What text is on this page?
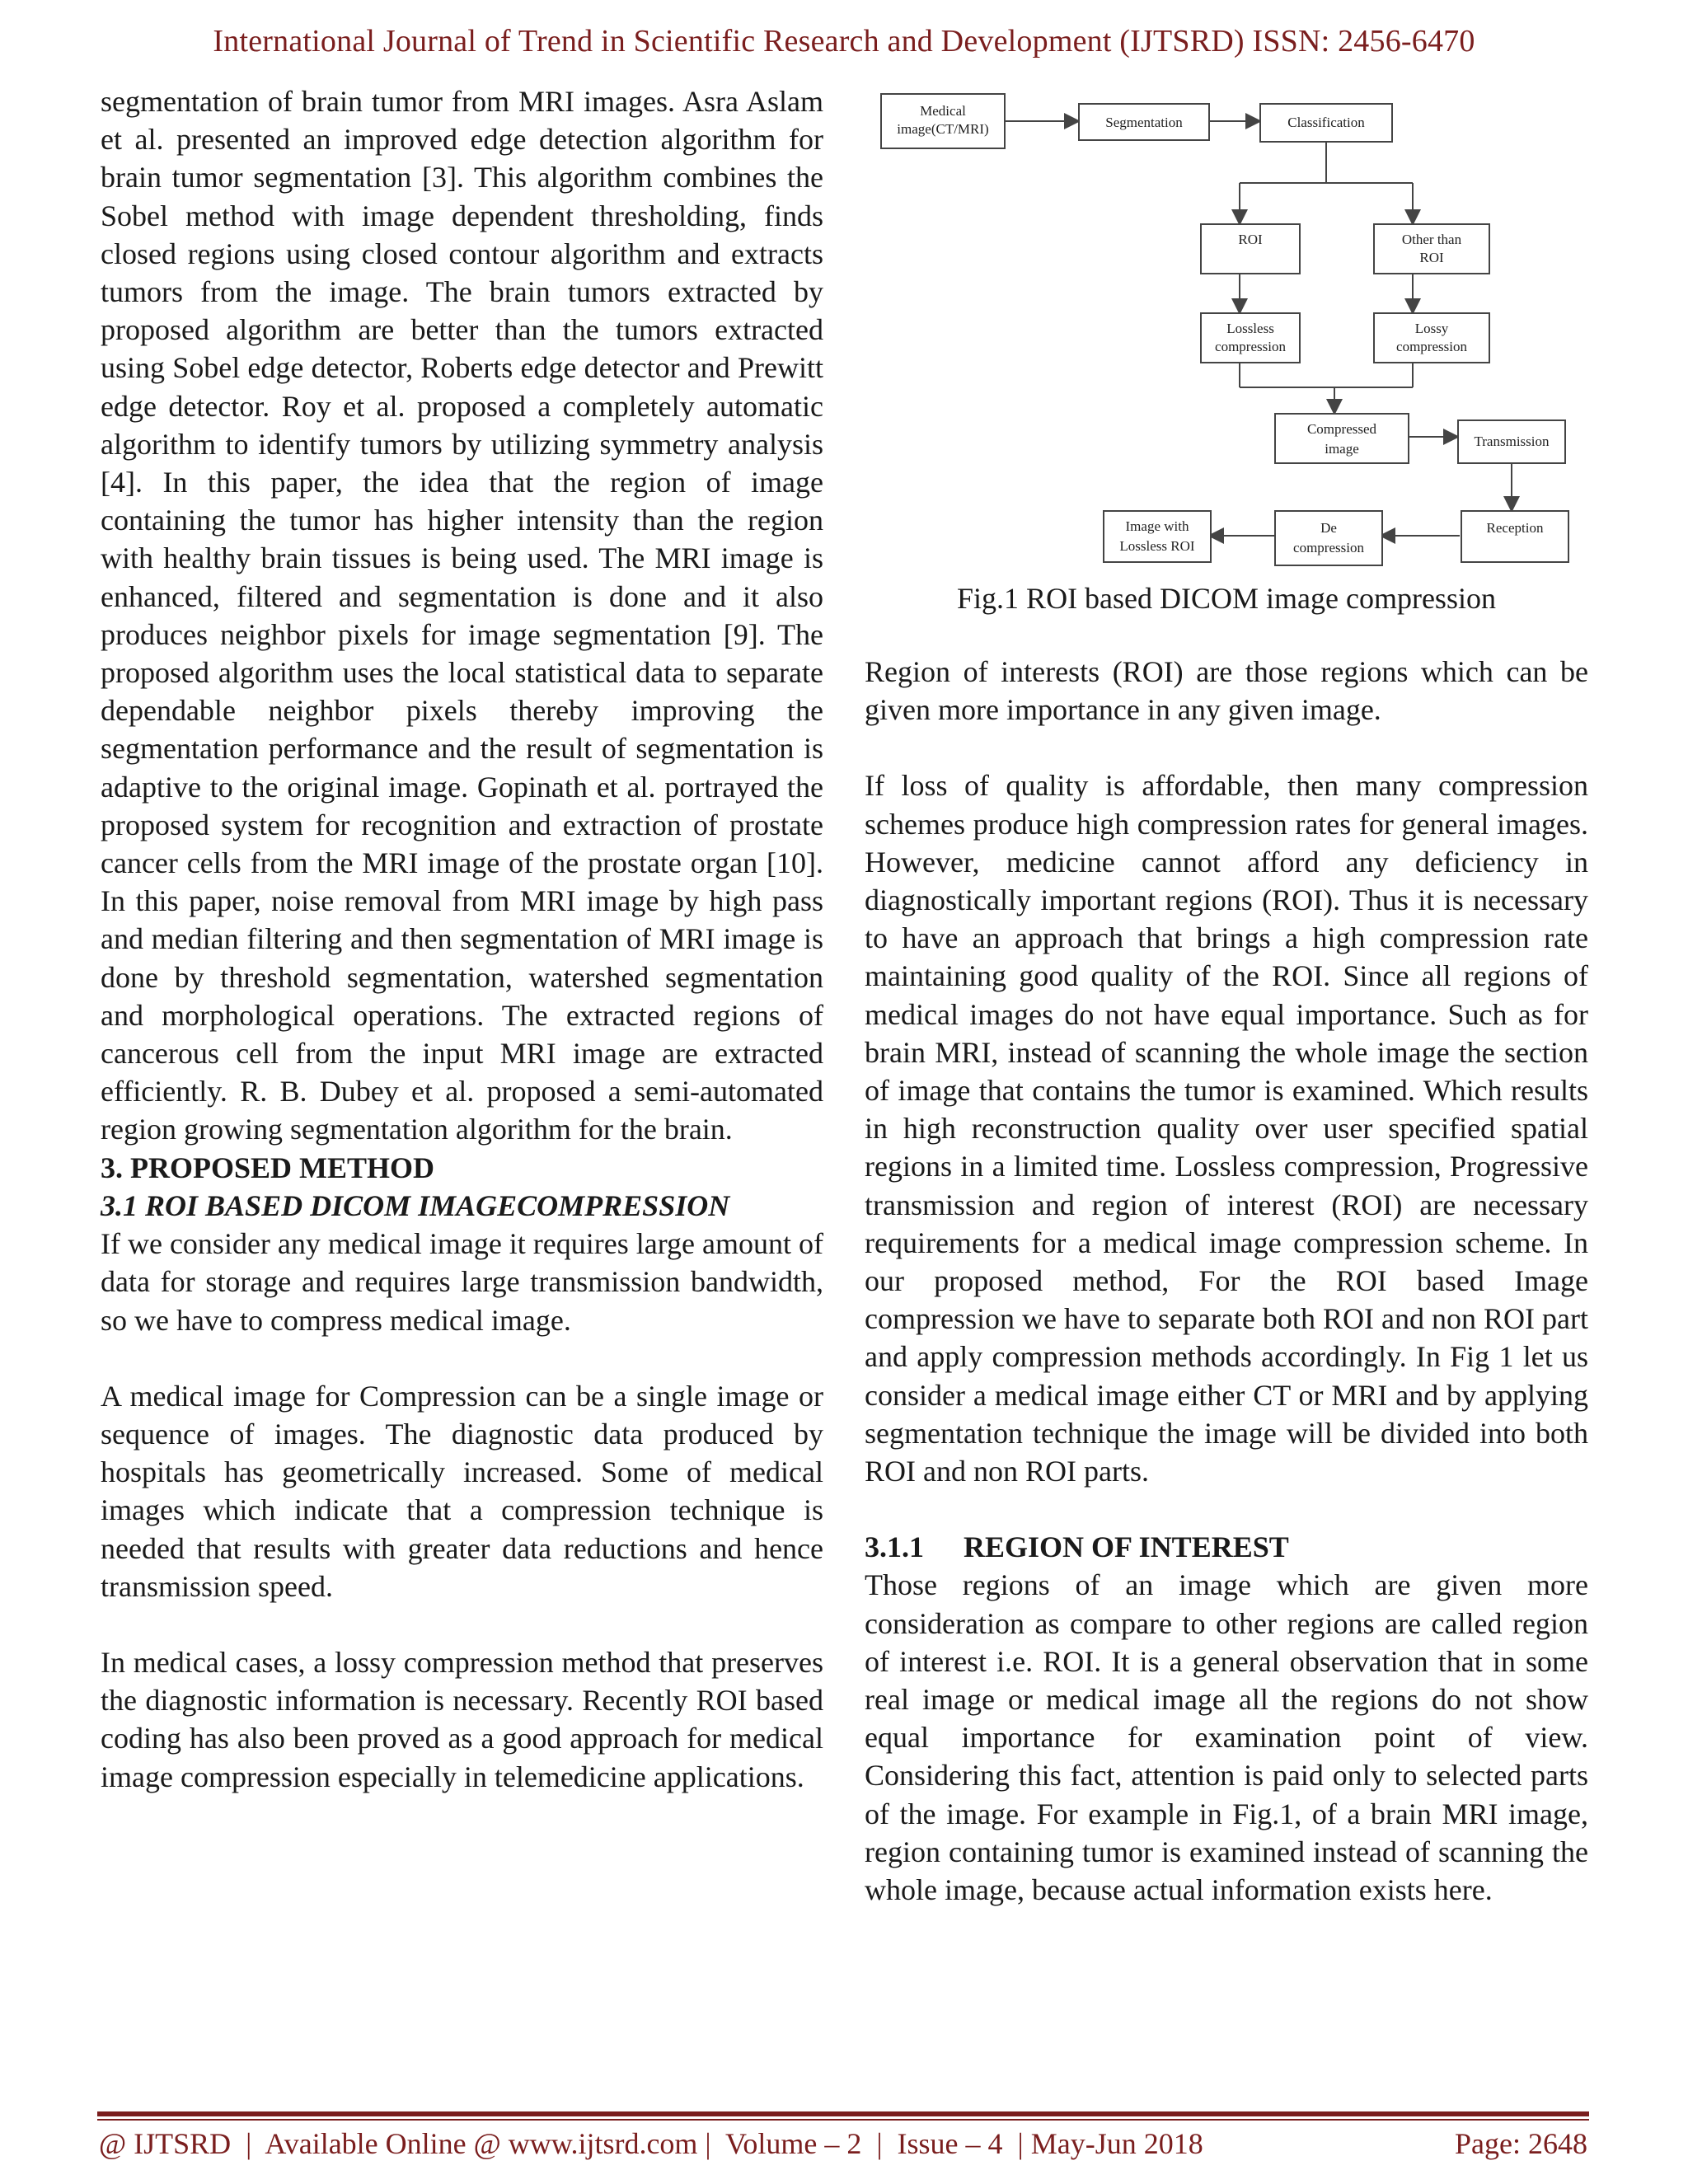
International Journal of Trend in Scientific Research and Development (IJTSRD) ISSN: 2456-6470

segmentation of brain tumor from MRI images. Asra Aslam et al. presented an improved edge detection algorithm for brain tumor segmentation [3]. This algorithm combines the Sobel method with image dependent thresholding, finds closed regions using closed contour algorithm and extracts tumors from the image. The brain tumors extracted by proposed algorithm are better than the tumors extracted using Sobel edge detector, Roberts edge detector and Prewitt edge detector. Roy et al. proposed a completely automatic algorithm to identify tumors by utilizing symmetry analysis [4]. In this paper, the idea that the region of image containing the tumor has higher intensity than the region with healthy brain tissues is being used. The MRI image is enhanced, filtered and segmentation is done and it also produces neighbor pixels for image segmentation [9]. The proposed algorithm uses the local statistical data to separate dependable neighbor pixels thereby improving the segmentation performance and the result of segmentation is adaptive to the original image. Gopinath et al. portrayed the proposed system for recognition and extraction of prostate cancer cells from the MRI image of the prostate organ [10]. In this paper, noise removal from MRI image by high pass and median filtering and then segmentation of MRI image is done by threshold segmentation, watershed segmentation and morphological operations. The extracted regions of cancerous cell from the input MRI image are extracted efficiently. R. B. Dubey et al. proposed a semi-automated region growing segmentation algorithm for the brain.

3. PROPOSED METHOD

3.1 ROI BASED DICOM IMAGECOMPRESSION

If we consider any medical image it requires large amount of data for storage and requires large transmission bandwidth, so we have to compress medical image.

A medical image for Compression can be a single image or sequence of images. The diagnostic data produced by hospitals has geometrically increased. Some of medical images which indicate that a compression technique is needed that results with greater data reductions and hence transmission speed.

In medical cases, a lossy compression method that preserves the diagnostic information is necessary. Recently ROI based coding has also been proved as a good approach for medical image compression especially in telemedicine applications.

Medical
image(CT/MRI)	Segmentation	Classification
ROI	Other than
ROI
Lossless
compression
Lossy
compression
Compressed
image	Transmission
Reception
De
compression
Image with
Lossless ROI
Fig.1 ROI based DICOM image compression

Region of interests (ROI) are those regions which can be given more importance in any given image.

If loss of quality is affordable, then many compression schemes produce high compression rates for general images. However, medicine cannot afford any deficiency in diagnostically important regions (ROI). Thus it is necessary to have an approach that brings a high compression rate maintaining good quality of the ROI. Since all regions of medical images do not have equal importance. Such as for brain MRI, instead of scanning the whole image the section of image that contains the tumor is examined. Which results in high reconstruction quality over user specified spatial regions in a limited time. Lossless compression, Progressive transmission and region of interest (ROI) are necessary requirements for a medical image compression scheme. In our proposed method, For the ROI based Image compression we have to separate both ROI and non ROI part and apply compression methods accordingly. In Fig 1 let us consider a medical image either CT or MRI and by applying segmentation technique the image will be divided into both ROI and non ROI parts.

3.1.1 REGION OF INTEREST

Those regions of an image which are given more consideration as compare to other regions are called region of interest i.e. ROI. It is a general observation that in some real image or medical image all the regions do not show equal importance for examination point of view. Considering this fact, attention is paid only to selected parts of the image. For example in Fig.1, of a brain MRI image, region containing tumor is examined instead of scanning the whole image, because actual information exists here.

@ IJTSRD  |  Available Online @ www.ijtsrd.com |  Volume – 2  |  Issue – 4  | May-Jun 2018	Page: 2648
